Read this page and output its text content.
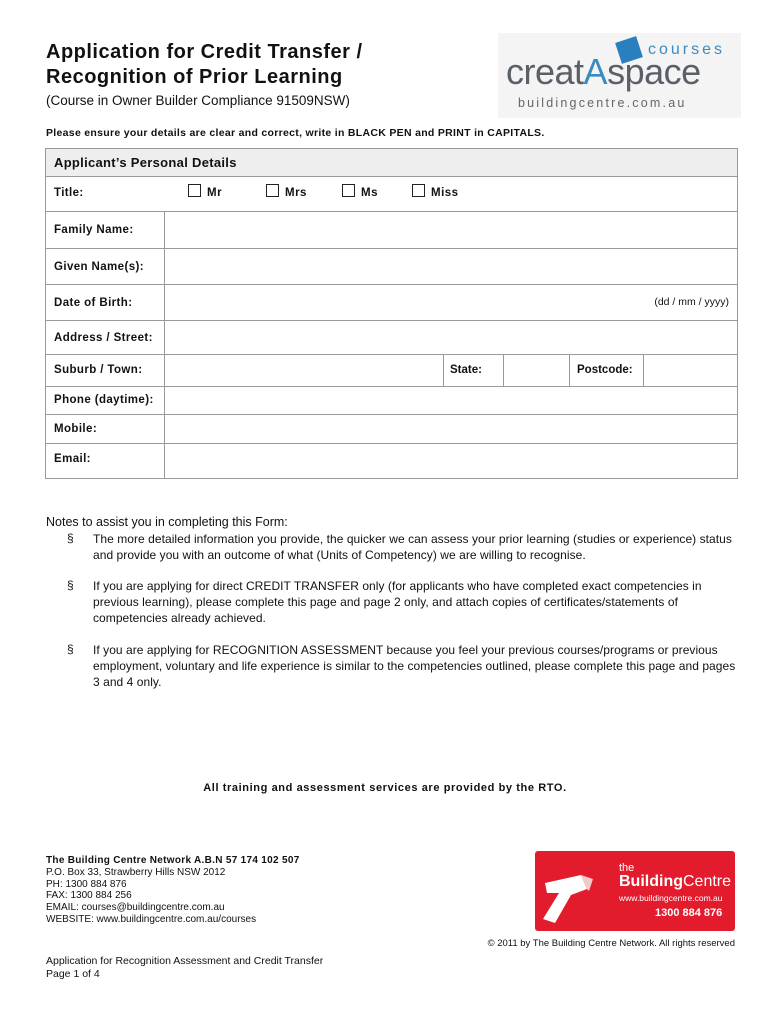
Application for Credit Transfer /
Recognition of Prior Learning
(Course in Owner Builder Compliance 91509NSW)
Please ensure your details are clear and correct, write in BLACK PEN and PRINT in CAPITALS.
courses
creatAspace
buildingcentre.com.au
Applicant’s Personal Details
Title:	Mr	Mrs	Ms	Miss
Family Name:
Given Name(s):
Date of Birth:	(dd / mm / yyyy)
Address / Street:
Suburb / Town:	State:	Postcode:
Phone (daytime):
Mobile:
Email:
Notes to assist you in completing this Form:
§ The more detailed information you provide, the quicker we can assess your prior learning (studies or experience) status and provide you with an outcome of what (Units of Competency) we are willing to recognise.
§ If you are applying for direct CREDIT TRANSFER only (for applicants who have completed exact competencies in previous learning), please complete this page and page 2 only, and attach copies of certificates/statements of competencies already achieved.
§ If you are applying for RECOGNITION ASSESSMENT because you feel your previous courses/programs or previous employment, voluntary and life experience is similar to the competencies outlined, please complete this page and pages 3 and 4 only.
All training and assessment services are provided by the RTO.
The Building Centre Network A.B.N 57 174 102 507
P.O. Box 33, Strawberry Hills NSW 2012
PH: 1300 884 876
FAX: 1300 884 256
EMAIL: courses@buildingcentre.com.au
WEBSITE: www.buildingcentre.com.au/courses
the
BuildingCentre
www.buildingcentre.com.au
1300 884 876
© 2011 by The Building Centre Network. All rights reserved
Application for Recognition Assessment and Credit Transfer
Page 1 of 4
